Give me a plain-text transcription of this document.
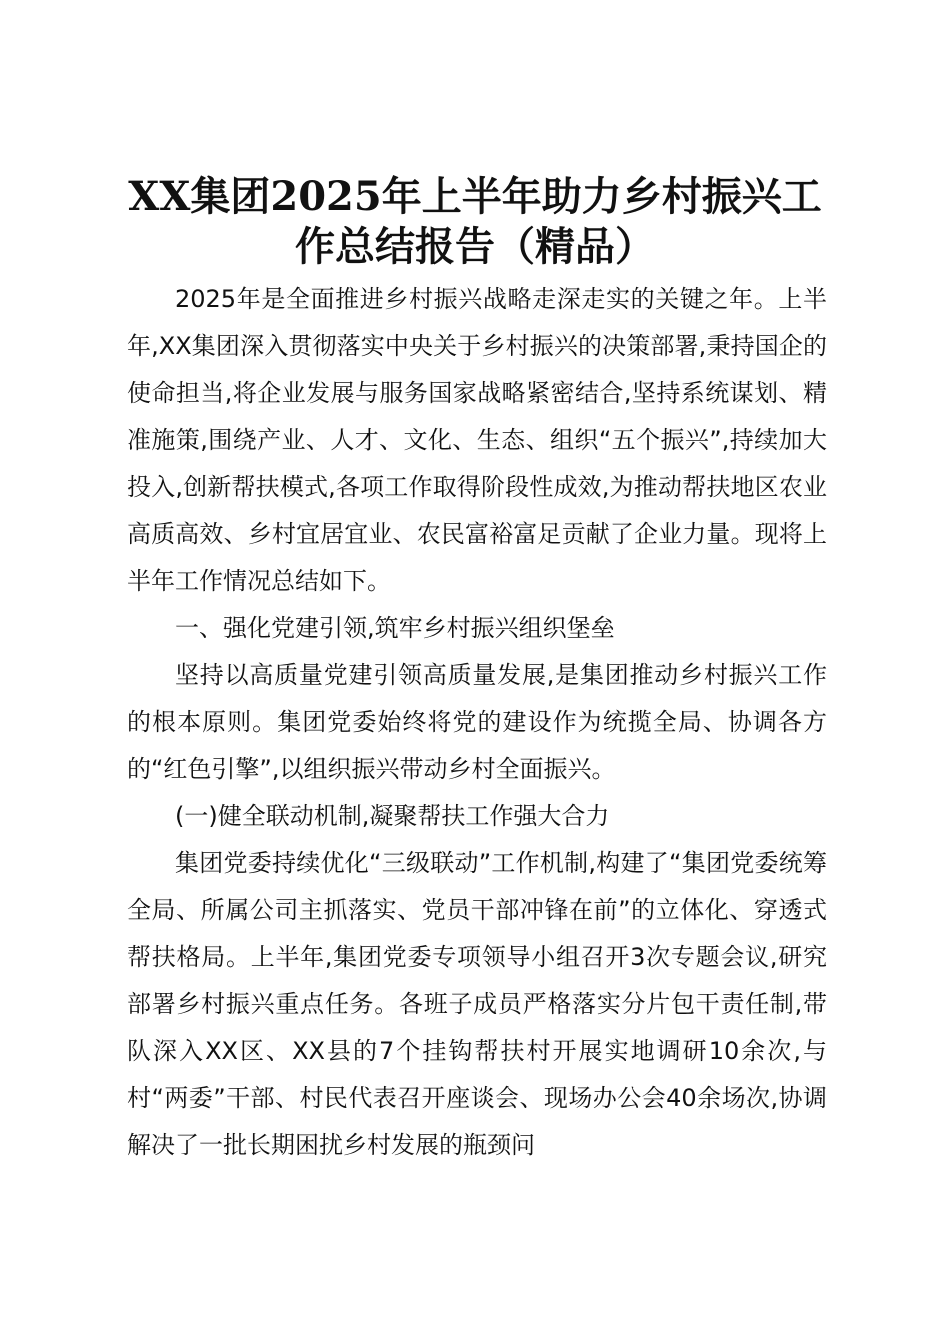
XX集团2025年上半年助力乡村振兴工作总结报告（精品）

2025年是全面推进乡村振兴战略走深走实的关键之年。上半年,XX集团深入贯彻落实中央关于乡村振兴的决策部署,秉持国企的使命担当,将企业发展与服务国家战略紧密结合,坚持系统谋划、精准施策,围绕产业、人才、文化、生态、组织“五个振兴”,持续加大投入,创新帮扶模式,各项工作取得阶段性成效,为推动帮扶地区农业高质高效、乡村宜居宜业、农民富裕富足贡献了企业力量。现将上半年工作情况总结如下。

一、强化党建引领,筑牢乡村振兴组织堡垒

坚持以高质量党建引领高质量发展,是集团推动乡村振兴工作的根本原则。集团党委始终将党的建设作为统揽全局、协调各方的“红色引擎”,以组织振兴带动乡村全面振兴。

(一)健全联动机制,凝聚帮扶工作强大合力

集团党委持续优化“三级联动”工作机制,构建了“集团党委统筹全局、所属公司主抓落实、党员干部冲锋在前”的立体化、穿透式帮扶格局。上半年,集团党委专项领导小组召开3次专题会议,研究部署乡村振兴重点任务。各班子成员严格落实分片包干责任制,带队深入XX区、XX县的7个挂钩帮扶村开展实地调研10余次,与村“两委”干部、村民代表召开座谈会、现场办公会40余场次,协调解决了一批长期困扰乡村发展的瓶颈问
